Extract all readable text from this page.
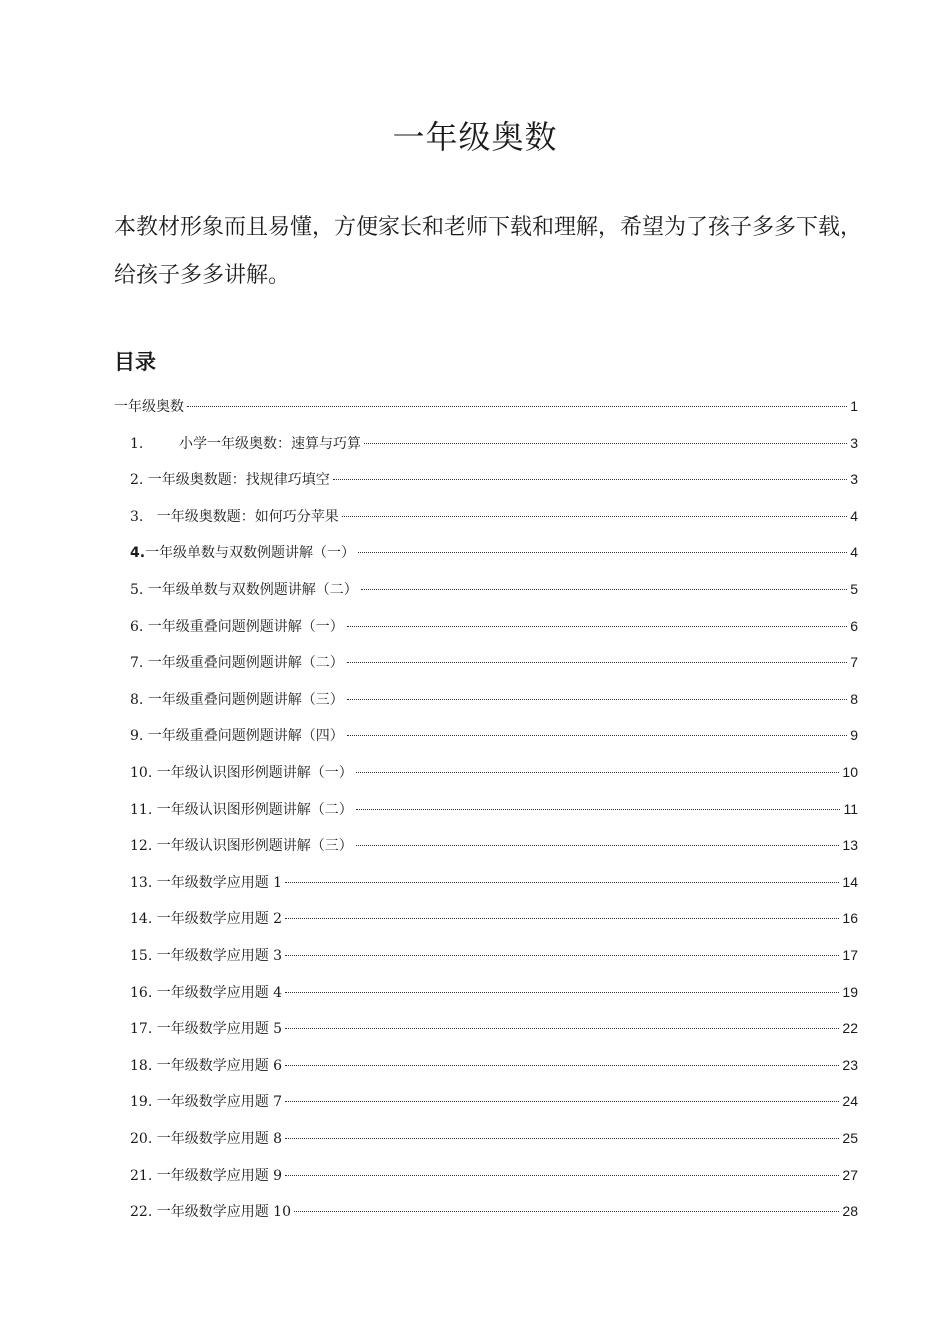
一年级奥数

本教材形象而且易懂，方便家长和老师下载和理解，希望为了孩子多多下载，给孩子多多讲解。

目录
一年级奥数	1
1. 小学一年级奥数：速算与巧算	3
2. 一年级奥数题：找规律巧填空	3
3. 一年级奥数题：如何巧分苹果	4
4. 一年级单数与双数例题讲解（一）	4
5. 一年级单数与双数例题讲解（二）	5
6. 一年级重叠问题例题讲解（一）	6
7. 一年级重叠问题例题讲解（二）	7
8. 一年级重叠问题例题讲解（三）	8
9. 一年级重叠问题例题讲解（四）	9
10. 一年级认识图形例题讲解（一）	10
11. 一年级认识图形例题讲解（二）	11
12. 一年级认识图形例题讲解（三）	13
13. 一年级数学应用题 1	14
14. 一年级数学应用题 2	16
15. 一年级数学应用题 3	17
16. 一年级数学应用题 4	19
17. 一年级数学应用题 5	22
18. 一年级数学应用题 6	23
19. 一年级数学应用题 7	24
20. 一年级数学应用题 8	25
21. 一年级数学应用题 9	27
22. 一年级数学应用题 10	28
